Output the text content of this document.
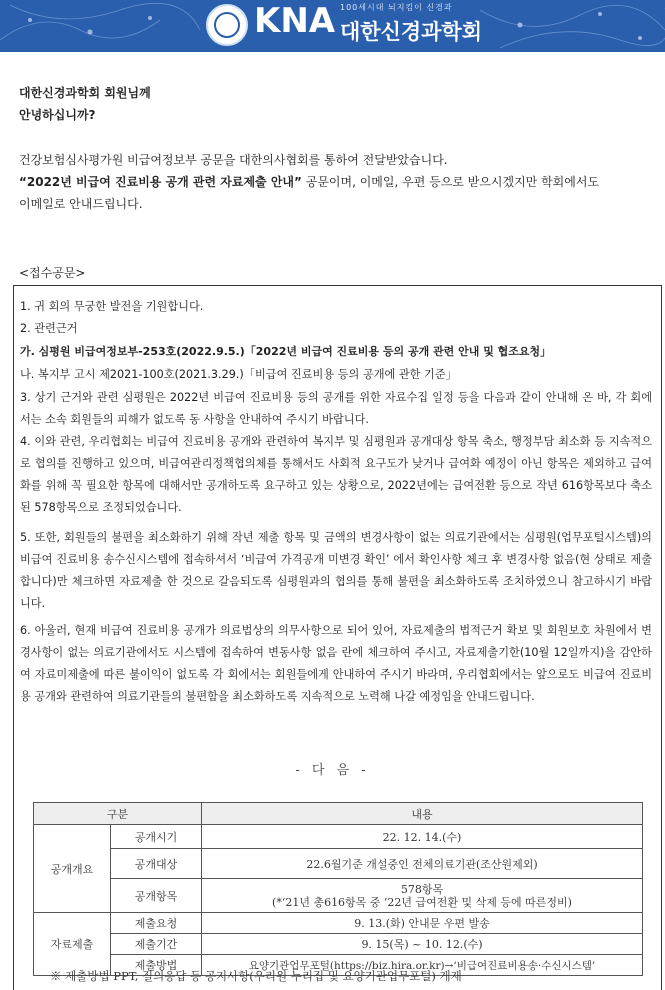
100세시대 뇌지킴이 신경과
KNA 대한신경과학회
대한신경과학회 회원님께
안녕하십니까?
건강보험심사평가원 비급여정보부 공문을 대한의사협회를 통하여 전달받았습니다.
“2022년 비급여 진료비용 공개 관련 자료제출 안내” 공문이며, 이메일, 우편 등으로 받으시겠지만 학회에서도
이메일로 안내드립니다.
<접수공문>
1. 귀 회의 무궁한 발전을 기원합니다.
2. 관련근거
가. 심평원 비급여정보부-253호(2022.9.5.)「2022년 비급여 진료비용 등의 공개 관련 안내 및 협조요청」
나. 복지부 고시 제2021-100호(2021.3.29.)「비급여 진료비용 등의 공개에 관한 기준」
3. 상기 근거와 관련 심평원은 2022년 비급여 진료비용 등의 공개를 위한 자료수집 일정 등을 다음과 같이 안내해 온 바, 각 회에서는 소속 회원들의 피해가 없도록 동 사항을 안내하여 주시기 바랍니다.
4. 이와 관련, 우리협회는 비급여 진료비용 공개와 관련하여 복지부 및 심평원과 공개대상 항목 축소, 행정부담 최소화 등 지속적으로 협의를 진행하고 있으며, 비급여관리정책협의체를 통해서도 사회적 요구도가 낮거나 급여화 예정이 아닌 항목은 제외하고 급여화를 위해 꼭 필요한 항목에 대해서만 공개하도록 요구하고 있는 상황으로, 2022년에는 급여전환 등으로 작년 616항목보다 축소된 578항목으로 조정되었습니다.
5. 또한, 회원들의 불편을 최소화하기 위해 작년 제출 항목 및 금액의 변경사항이 없는 의료기관에서는 심평원(업무포털시스템)의 비급여 진료비용 송수신시스템에 접속하셔서 ‘비급여 가격공개 미변경 확인’ 에서 확인사항 체크 후 변경사항 없음(현 상태로 제출합니다)만 체크하면 자료제출 한 것으로 갈음되도록 심평원과의 협의를 통해 불편을 최소화하도록 조치하였으니 참고하시기 바랍니다.
6. 아울러, 현재 비급여 진료비용 공개가 의료법상의 의무사항으로 되어 있어, 자료제출의 법적근거 확보 및 회원보호 차원에서 변경사항이 없는 의료기관에서도 시스템에 접속하여 변동사항 없음 란에 체크하여 주시고, 자료제출기한(10월 12일까지)을 감안하여 자료미제출에 따른 불이익이 없도록 각 회에서는 회원들에게 안내하여 주시기 바라며, 우리협회에서는 앞으로도 비급여 진료비용 공개와 관련하여 의료기관들의 불편함을 최소화하도록 지속적으로 노력해 나갈 예정임을 안내드립니다.
- 다 음 -
구분		내용
공개개요	공개시기	22. 12. 14.(수)
	공개대상	22.6월기준 개설중인 전체의료기관(조산원제외)
	공개항목	578항목
(*‘21년 총616항목 중 ‘22년 급여전환 및 삭제 등에 따른정비)

자료제출	제출요청	9. 13.(화) 안내문 우편 발송
	제출기간	9. 15(목) ~ 10. 12.(수)
	제출방법	요양기관업무포털(https://biz.hira.or.kr)→‘비급여진료비용송·수신시스템’
※ 제출방법 PPT, 질의응답 등 공지사항(우리원 누리집 및 요양기관업무포털) 게재
